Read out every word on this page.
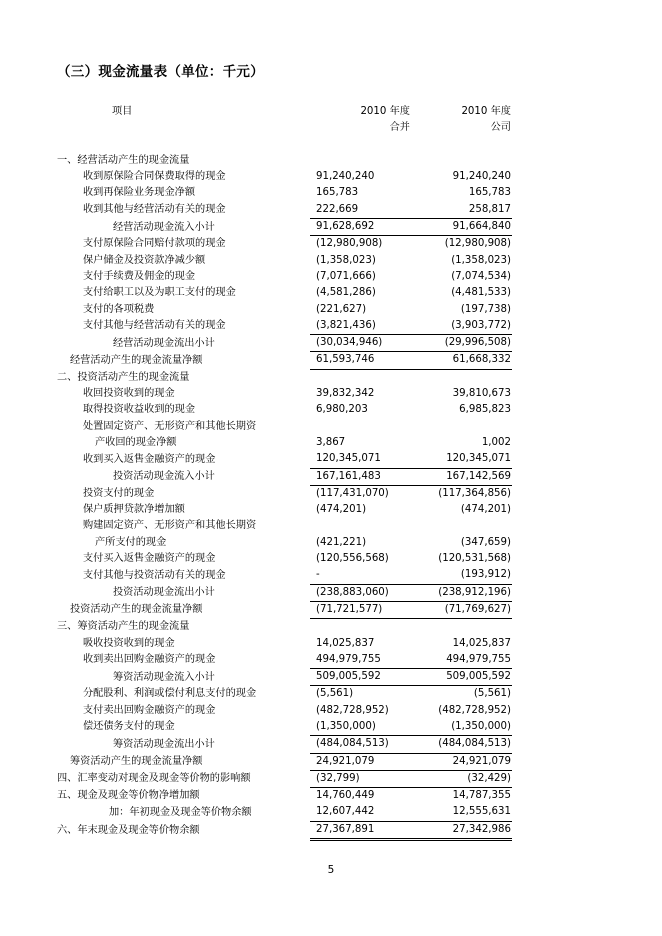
（三）现金流量表（单位：千元）
项目	2010 年度	2010 年度
	合并	公司

一、经营活动产生的现金流量		
收到原保险合同保费取得的现金	91,240,240	91,240,240
收到再保险业务现金净额	165,783	165,783
收到其他与经营活动有关的现金	222,669	258,817
经营活动现金流入小计	91,628,692	91,664,840
支付原保险合同赔付款项的现金	(12,980,908)	(12,980,908)
保户储金及投资款净减少额	(1,358,023)	(1,358,023)
支付手续费及佣金的现金	(7,071,666)	(7,074,534)
支付给职工以及为职工支付的现金	(4,581,286)	(4,481,533)
支付的各项税费	(221,627)	(197,738)
支付其他与经营活动有关的现金	(3,821,436)	(3,903,772)
经营活动现金流出小计	(30,034,946)	(29,996,508)
经营活动产生的现金流量净额	61,593,746	61,668,332
二、投资活动产生的现金流量		
收回投资收到的现金	39,832,342	39,810,673
取得投资收益收到的现金	6,980,203	6,985,823
处置固定资产、无形资产和其他长期资		
产收回的现金净额	3,867	1,002
收到买入返售金融资产的现金	120,345,071	120,345,071
投资活动现金流入小计	167,161,483	167,142,569
投资支付的现金	(117,431,070)	(117,364,856)
保户质押贷款净增加额	(474,201)	(474,201)
购建固定资产、无形资产和其他长期资		
产所支付的现金	(421,221)	(347,659)
支付买入返售金融资产的现金	(120,556,568)	(120,531,568)
支付其他与投资活动有关的现金	-	(193,912)
投资活动现金流出小计	(238,883,060)	(238,912,196)
投资活动产生的现金流量净额	(71,721,577)	(71,769,627)
三、筹资活动产生的现金流量		
吸收投资收到的现金	14,025,837	14,025,837
收到卖出回购金融资产的现金	494,979,755	494,979,755
筹资活动现金流入小计	509,005,592	509,005,592
分配股利、利润或偿付利息支付的现金	(5,561)	(5,561)
支付卖出回购金融资产的现金	(482,728,952)	(482,728,952)
偿还债务支付的现金	(1,350,000)	(1,350,000)
筹资活动现金流出小计	(484,084,513)	(484,084,513)
筹资活动产生的现金流量净额	24,921,079	24,921,079
四、汇率变动对现金及现金等价物的影响额	(32,799)	(32,429)
五、现金及现金等价物净增加额	14,760,449	14,787,355
加：年初现金及现金等价物余额	12,607,442	12,555,631
六、年末现金及现金等价物余额	27,367,891	27,342,986
5
